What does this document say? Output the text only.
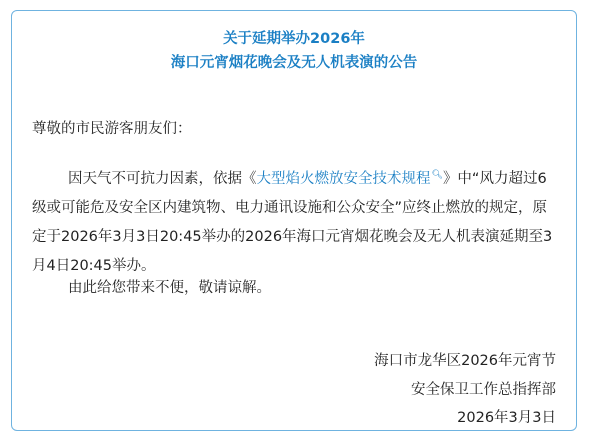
关于延期举办2026年

海口元宵烟花晚会及无人机表演的公告

尊敬的市民游客朋友们：

因天气不可抗力因素，依据《大型焰火燃放安全技术规程🔍︎》中“风力超过6级或可能危及安全区内建筑物、电力通讯设施和公众安全”应终止燃放的规定，原定于2026年3月3日20:45举办的2026年海口元宵烟花晚会及无人机表演延期至3月4日20:45举办。

由此给您带来不便，敬请谅解。

海口市龙华区2026年元宵节

安全保卫工作总指挥部

2026年3月3日
